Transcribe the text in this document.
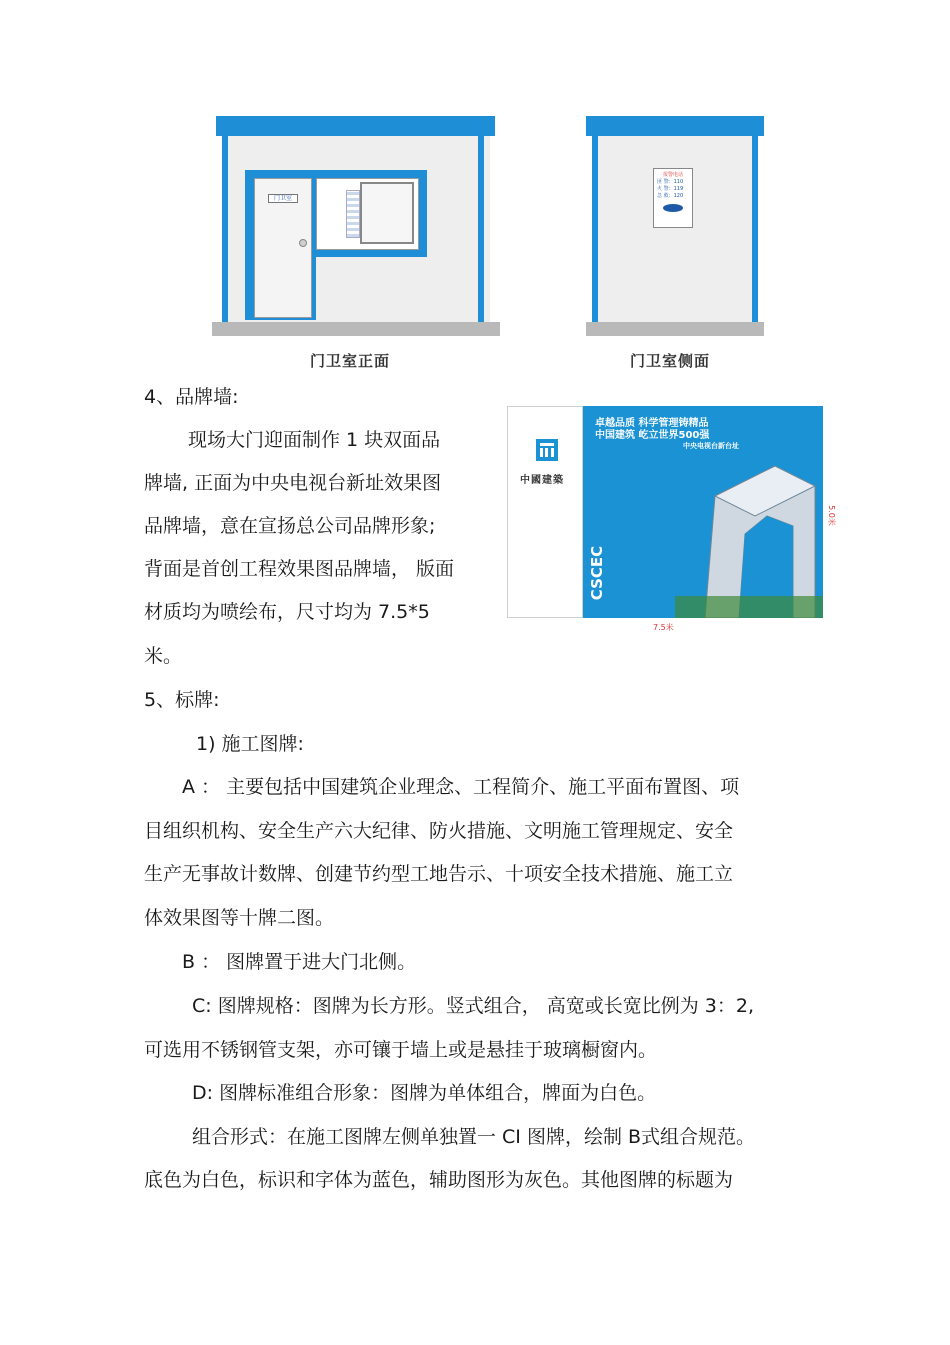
门卫室
门卫室正面
报警电话
匪 警：110
火 警：119
急 救：120
门卫室侧面
中國建築
卓越品质 科学管理铸精品
中国建筑 屹立世界500强
中央电视台新台址
CSCEC
7.5米
5.0米
4、品牌墙:
现场大门迎面制作 1 块双面品
牌墙, 正面为中央电视台新址效果图
品牌墙，意在宣扬总公司品牌形象;
背面是首创工程效果图品牌墙， 版面
材质均为喷绘布，尺寸均为 7.5*5
米。
5、标牌:
1) 施工图牌:
A ： 主要包括中国建筑企业理念、工程简介、施工平面布置图、项
目组织机构、安全生产六大纪律、防火措施、文明施工管理规定、安全
生产无事故计数牌、创建节约型工地告示、十项安全技术措施、施工立
体效果图等十牌二图。
B ： 图牌置于进大门北侧。
C: 图牌规格：图牌为长方形。竖式组合， 高宽或长宽比例为 3：2,
可选用不锈钢管支架，亦可镶于墙上或是悬挂于玻璃橱窗内。
D: 图牌标准组合形象：图牌为单体组合，牌面为白色。
组合形式：在施工图牌左侧单独置一 CI 图牌，绘制 B式组合规范。
底色为白色，标识和字体为蓝色，辅助图形为灰色。其他图牌的标题为
